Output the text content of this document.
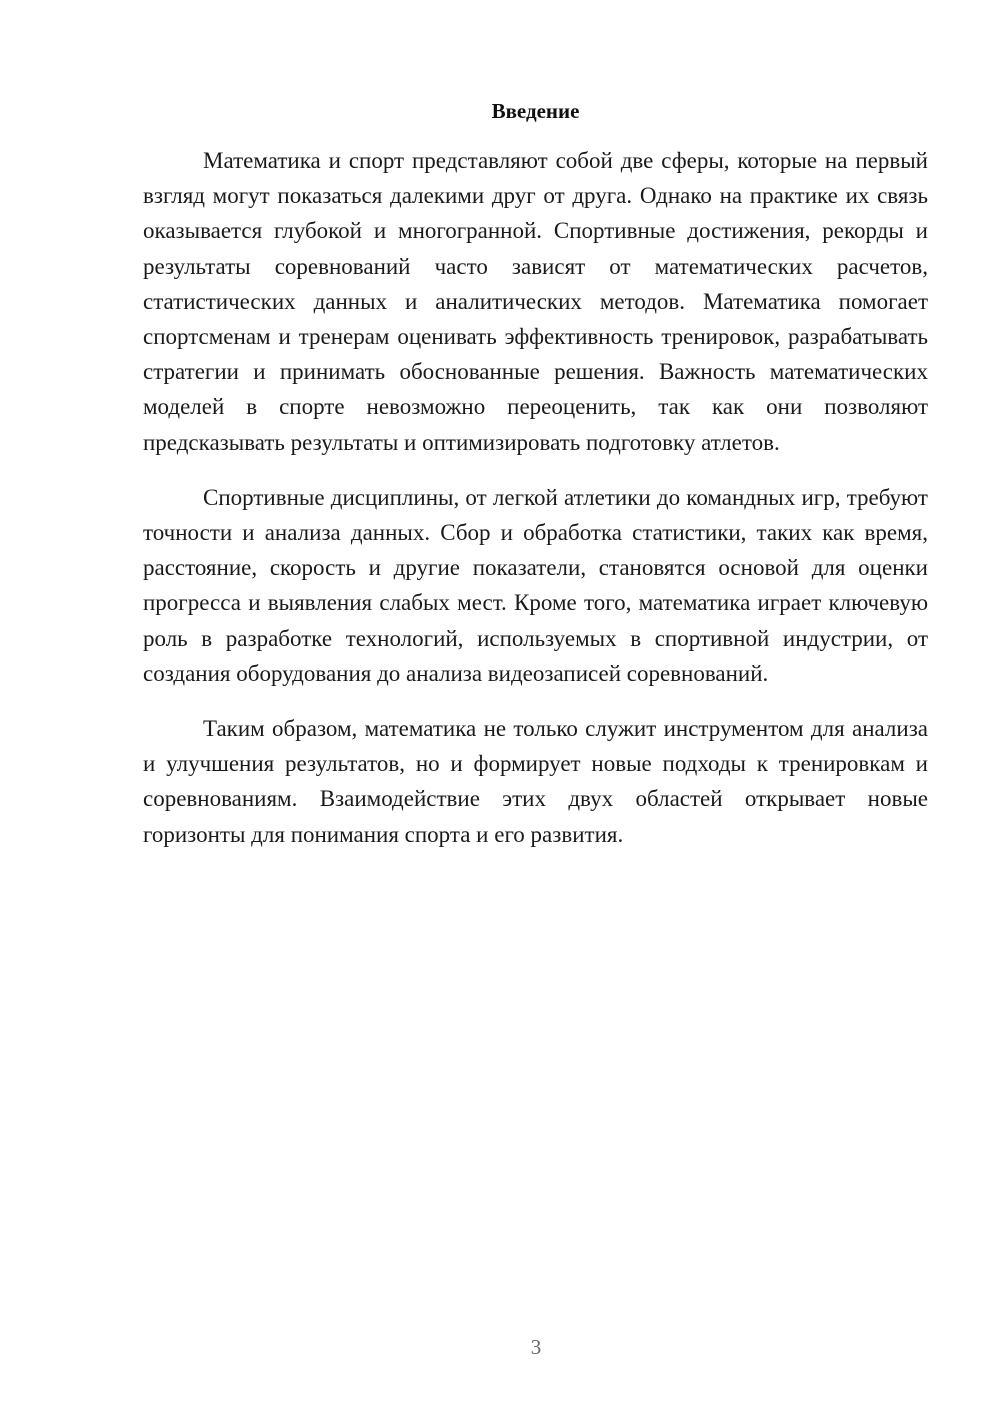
Введение

Математика и спорт представляют собой две сферы, которые на первый взгляд могут показаться далекими друг от друга. Однако на практике их связь оказывается глубокой и многогранной. Спортивные достижения, рекорды и результаты соревнований часто зависят от математических расчетов, статистических данных и аналитических методов. Математика помогает спортсменам и тренерам оценивать эффективность тренировок, разрабатывать стратегии и принимать обоснованные решения. Важность математических моделей в спорте невозможно переоценить, так как они позволяют предсказывать результаты и оптимизировать подготовку атлетов.

Спортивные дисциплины, от легкой атлетики до командных игр, требуют точности и анализа данных. Сбор и обработка статистики, таких как время, расстояние, скорость и другие показатели, становятся основой для оценки прогресса и выявления слабых мест. Кроме того, математика играет ключевую роль в разработке технологий, используемых в спортивной индустрии, от создания оборудования до анализа видеозаписей соревнований.

Таким образом, математика не только служит инструментом для анализа и улучшения результатов, но и формирует новые подходы к тренировкам и соревнованиям. Взаимодействие этих двух областей открывает новые горизонты для понимания спорта и его развития.

3
